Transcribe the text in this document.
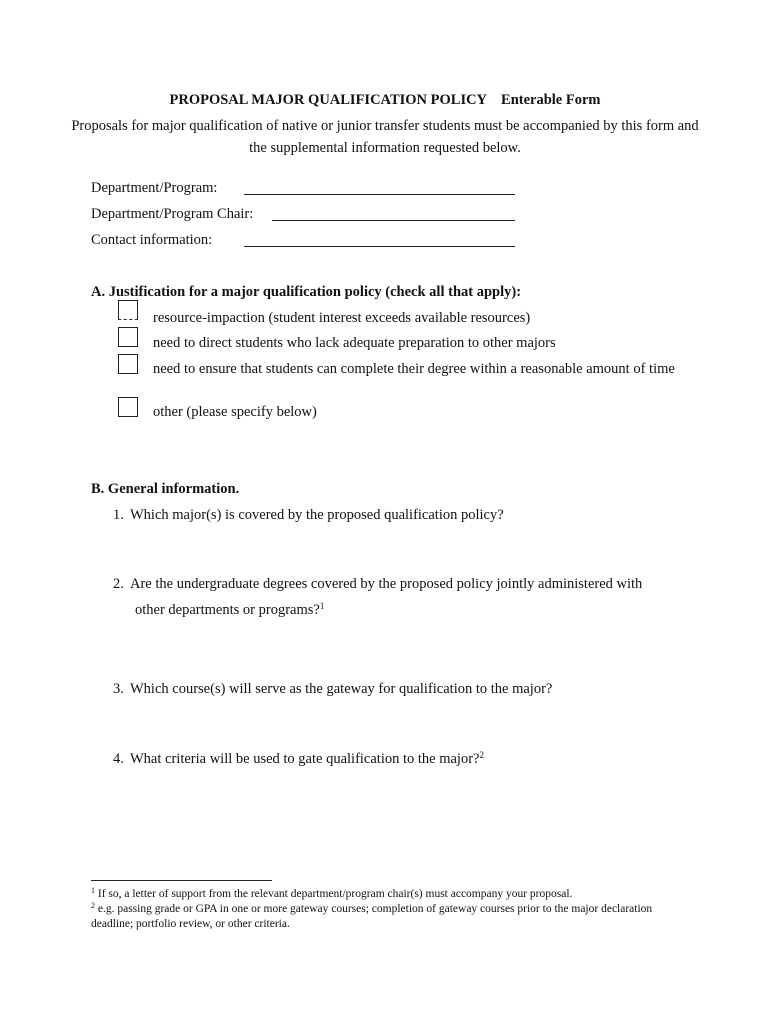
PROPOSAL MAJOR QUALIFICATION POLICY Enterable Form
Proposals for major qualification of native or junior transfer students must be accompanied by this form and the supplemental information requested below.
Department/Program:
Department/Program Chair:
Contact information:
A. Justification for a major qualification policy (check all that apply):
resource-impaction (student interest exceeds available resources)
need to direct students who lack adequate preparation to other majors
need to ensure that students can complete their degree within a reasonable amount of time
other (please specify below)
B. General information.
1. Which major(s) is covered by the proposed qualification policy?
2. Are the undergraduate degrees covered by the proposed policy jointly administered with
other departments or programs?$^1$
3. Which course(s) will serve as the gateway for qualification to the major?
4. What criteria will be used to gate qualification to the major?$^2$
$^1$ If so, a letter of support from the relevant department/program chair(s) must accompany your proposal.
$^2$ e.g. passing grade or GPA in one or more gateway courses; completion of gateway courses prior to the major declaration deadline; portfolio review, or other criteria.
